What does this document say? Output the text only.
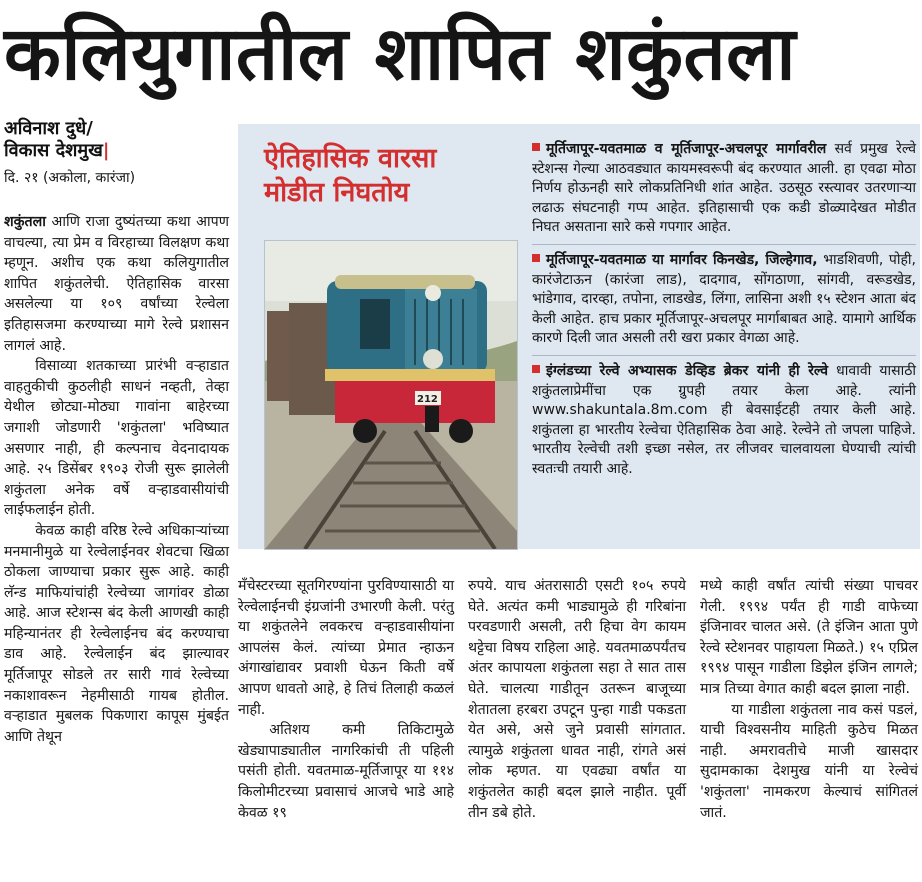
कलियुगातील शापित शकुंतला
अविनाश दुधे/
विकास देशमुख|
दि. २१ (अकोला, कारंजा)

शकुंतला आणि राजा दुष्यंतच्या कथा आपण वाचल्या, त्या प्रेम व विरहाच्या विलक्षण कथा म्हणून. अशीच एक कथा कलियुगातील शापित शकुंतलेची. ऐतिहासिक वारसा असलेल्या या १०९ वर्षांच्या रेल्वेला इतिहासजमा करण्याच्या मागे रेल्वे प्रशासन लागलं आहे.

विसाव्या शतकाच्या प्रारंभी वऱ्हाडात वाहतुकीची कुठलीही साधनं नव्हती, तेव्हा येथील छोट्या-मोठ्या गावांना बाहेरच्या जगाशी जोडणारी 'शकुंतला' भविष्यात असणार नाही, ही कल्पनाच वेदनादायक आहे. २५ डिसेंबर १९०३ रोजी सुरू झालेली शकुंतला अनेक वर्षे वऱ्हाडवासीयांची लाईफलाईन होती.

केवळ काही वरिष्ठ रेल्वे अधिकाऱ्यांच्या मनमानीमुळे या रेल्वेलाईनवर शेवटचा खिळा ठोकला जाण्याचा प्रकार सुरू आहे. काही लॅन्ड माफियांचांही रेल्वेच्या जागांवर डोळा आहे. आज स्टेशन्स बंद केली आणखी काही महिन्यानंतर ही रेल्वेलाईनच बंद करण्याचा डाव आहे. रेल्वेलाईन बंद झाल्यावर मूर्तिजापूर सोडले तर सारी गावं रेल्वेच्या नकाशावरून नेहमीसाठी गायब होतील. वऱ्हाडात मुबलक पिकणारा कापूस मुंबईत आणि तेथून

ऐतिहासिक वारसा
मोडीत निघतोय
212
मूर्तिजापूर-यवतमाळ व मूर्तिजापूर-अचलपूर मार्गावरील सर्व प्रमुख रेल्वे स्टेशन्स गेल्या आठवड्यात कायमस्वरूपी बंद करण्यात आली. हा एवढा मोठा निर्णय होऊनही सारे लोकप्रतिनिधी शांत आहेत. उठसूठ रस्त्यावर उतरणाऱ्या लढाऊ संघटनाही गप्प आहेत. इतिहासाची एक कडी डोळ्यादेखत मोडीत निघत असताना सारे कसे गपगार आहेत.
मूर्तिजापूर-यवतमाळ या मार्गावर किनखेड, जिल्हेगाव, भाडशिवणी, पोही, कारंजेटाऊन (कारंजा लाड), दादगाव, सोंगठाणा, सांगवी, वरूडखेड, भांडेगाव, दारव्हा, तपोना, लाडखेड, लिंगा, लासिना अशी १५ स्टेशन आता बंद केली आहेत. हाच प्रकार मूर्तिजापूर-अचलपूर मार्गाबाबत आहे. यामागे आर्थिक कारणे दिली जात असली तरी खरा प्रकार वेगळा आहे.
इंग्लंडच्या रेल्वे अभ्यासक डेव्हिड ब्रेकर यांनी ही रेल्वे धावावी यासाठी शकुंतलाप्रेमींचा एक ग्रुपही तयार केला आहे. त्यांनी www.shakuntala.8m.com ही बेवसाईटही तयार केली आहे. शकुंतला हा भारतीय रेल्वेचा ऐतिहासिक ठेवा आहे. रेल्वेने तो जपला पाहिजे. भारतीय रेल्वेची तशी इच्छा नसेल, तर लीजवर चालवायला घेण्याची त्यांची स्वतःची तयारी आहे.

मॅंचेस्टरच्या सूतगिरण्यांना पुरविण्यासाठी या रेल्वेलाईनची इंग्रजांनी उभारणी केली. परंतु या शकुंतलेने लवकरच वऱ्हाडवासीयांना आपलंस केलं. त्यांच्या प्रेमात न्हाऊन अंगाखांद्यावर प्रवाशी घेऊन किती वर्षे आपण धावतो आहे, हे तिचं तिलाही कळलं नाही.

अतिशय कमी तिकिटामुळे खेड्यापाड्यातील नागरिकांची ती पहिली पसंती होती. यवतमाळ-मूर्तिजापूर या ११४ किलोमीटरच्या प्रवासाचं आजचे भाडे आहे केवळ १९

रुपये. याच अंतरासाठी एसटी १०५ रुपये घेते. अत्यंत कमी भाड्यामुळे ही गरिबांना परवडणारी असली, तरी हिचा वेग कायम थट्टेचा विषय राहिला आहे. यवतमाळपर्यंतच अंतर कापायला शकुंतला सहा ते सात तास घेते. चालत्या गाडीतून उतरून बाजूच्या शेतातला हरबरा उपटून पुन्हा गाडी पकडता येत असे, असे जुने प्रवासी सांगतात. त्यामुळे शकुंतला धावत नाही, रांगते असं लोक म्हणत. या एवढ्या वर्षांत या शकुंतलेत काही बदल झाले नाहीत. पूर्वी तीन डबे होते.

मध्ये काही वर्षांत त्यांची संख्या पाचवर गेली. १९९४ पर्यंत ही गाडी वाफेच्या इंजिनावर चालत असे. (ते इंजिन आता पुणे रेल्वे स्टेशनवर पाहायला मिळते.) १५ एप्रिल १९९४ पासून गाडीला डिझेल इंजिन लागले; मात्र तिच्या वेगात काही बदल झाला नाही.

या गाडीला शकुंतला नाव कसं पडलं, याची विश्वसनीय माहिती कुठेच मिळत नाही. अमरावतीचे माजी खासदार सुदामकाका देशमुख यांनी या रेल्वेचं 'शकुंतला' नामकरण केल्याचं सांगितलं जातं.
